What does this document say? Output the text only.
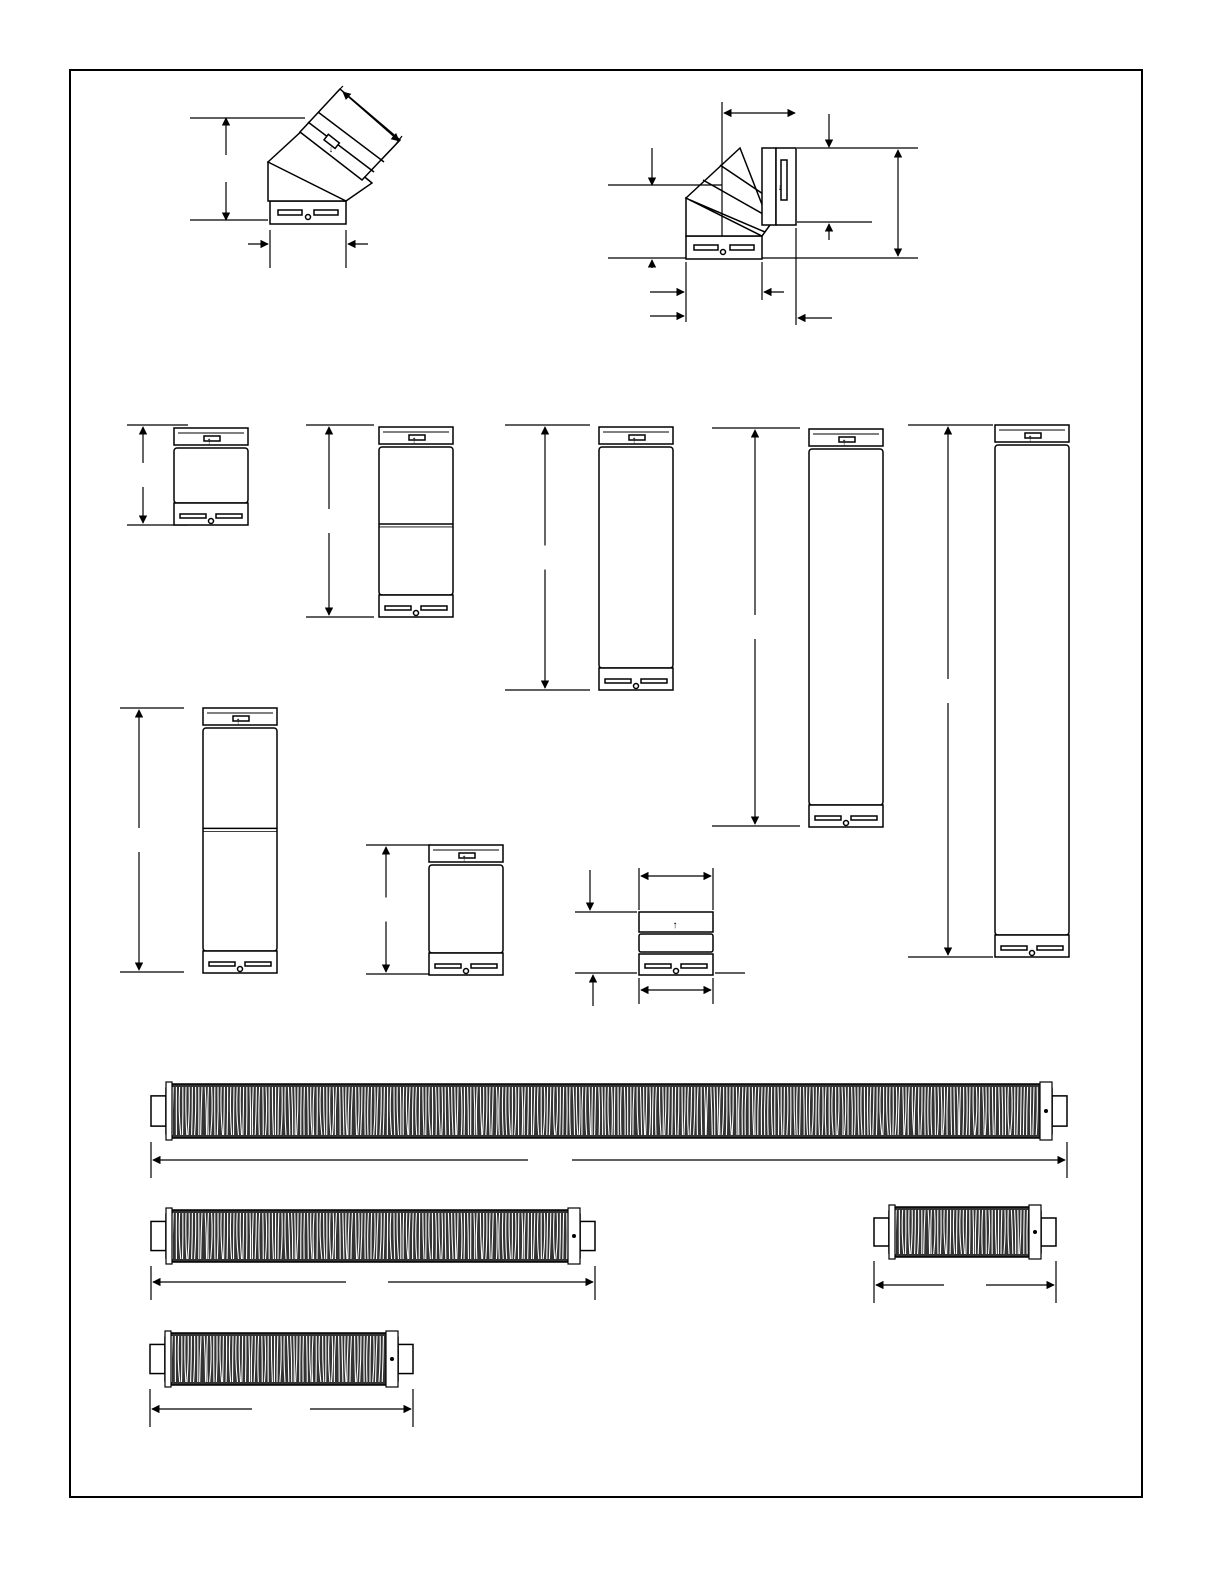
↓
↓
↑	↑	↑	↑	↑
↑
↑
↑
